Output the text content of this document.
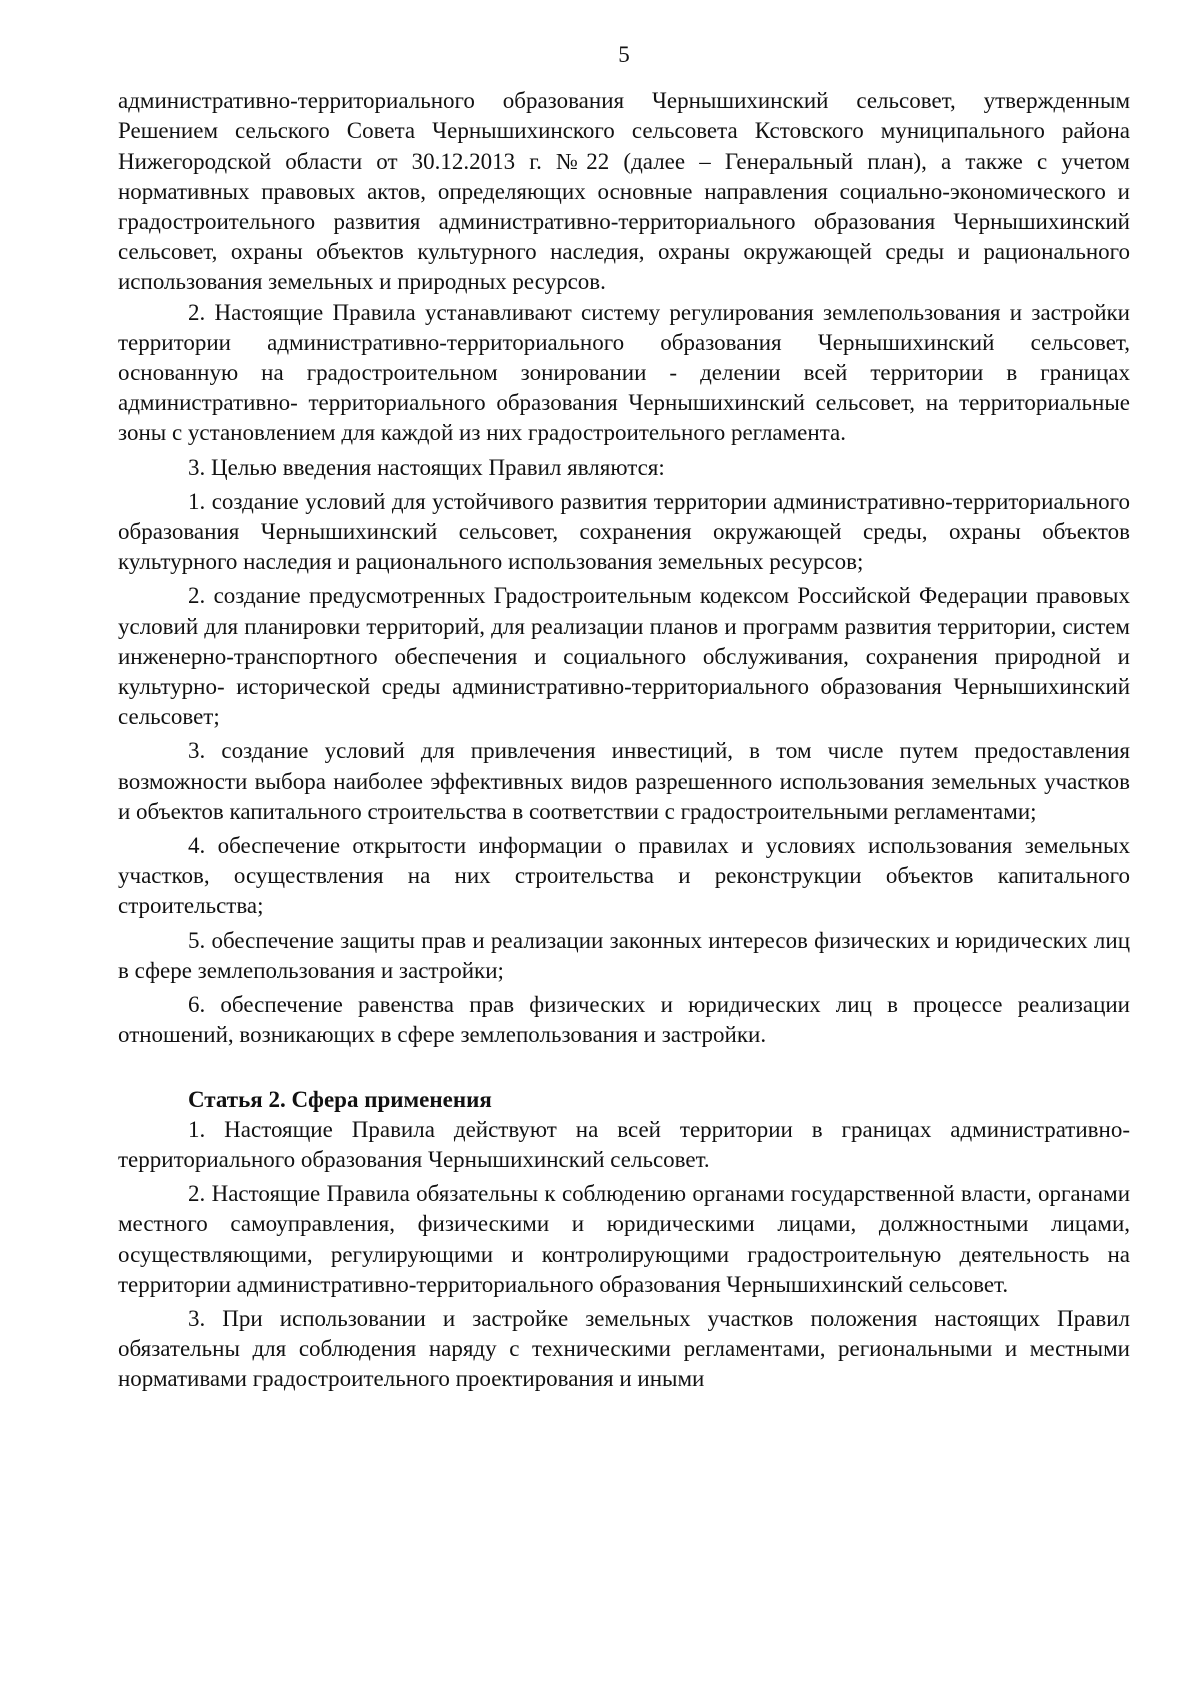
5

административно-территориального образования Чернышихинский сельсовет, утвержденным Решением сельского Совета Чернышихинского сельсовета Кстовского муниципального района Нижегородской области от 30.12.2013 г. №22 (далее – Генеральный план), а также с учетом нормативных правовых актов, определяющих основные направления социально-экономического и градостроительного развития административно-территориального образования Чернышихинский сельсовет, охраны объектов культурного наследия, охраны окружающей среды и рационального использования земельных и природных ресурсов.

2. Настоящие Правила устанавливают систему регулирования землепользования и застройки территории административно-территориального образования Чернышихинский сельсовет, основанную на градостроительном зонировании - делении всей территории в границах административно- территориального образования Чернышихинский сельсовет, на территориальные зоны с установлением для каждой из них градостроительного регламента.

3. Целью введения настоящих Правил являются:

1. создание условий для устойчивого развития территории административно-территориального образования Чернышихинский сельсовет, сохранения окружающей среды, охраны объектов культурного наследия и рационального использования земельных ресурсов;

2. создание предусмотренных Градостроительным кодексом Российской Федерации правовых условий для планировки территорий, для реализации планов и программ развития территории, систем инженерно-транспортного обеспечения и социального обслуживания, сохранения природной и культурно- исторической среды административно-территориального образования Чернышихинский сельсовет;

3. создание условий для привлечения инвестиций, в том числе путем предоставления возможности выбора наиболее эффективных видов разрешенного использования земельных участков и объектов капитального строительства в соответствии с градостроительными регламентами;

4. обеспечение открытости информации о правилах и условиях использования земельных участков, осуществления на них строительства и реконструкции объектов капитального строительства;

5. обеспечение защиты прав и реализации законных интересов физических и юридических лиц в сфере землепользования и застройки;

6. обеспечение равенства прав физических и юридических лиц в процессе реализации отношений, возникающих в сфере землепользования и застройки.

Статья 2. Сфера применения

1. Настоящие Правила действуют на всей территории в границах административно-территориального образования Чернышихинский сельсовет.

2. Настоящие Правила обязательны к соблюдению органами государственной власти, органами местного самоуправления, физическими и юридическими лицами, должностными лицами, осуществляющими, регулирующими и контролирующими градостроительную деятельность на территории административно-территориального образования Чернышихинский сельсовет.

3. При использовании и застройке земельных участков положения настоящих Правил обязательны для соблюдения наряду с техническими регламентами, региональными и местными нормативами градостроительного проектирования и иными
